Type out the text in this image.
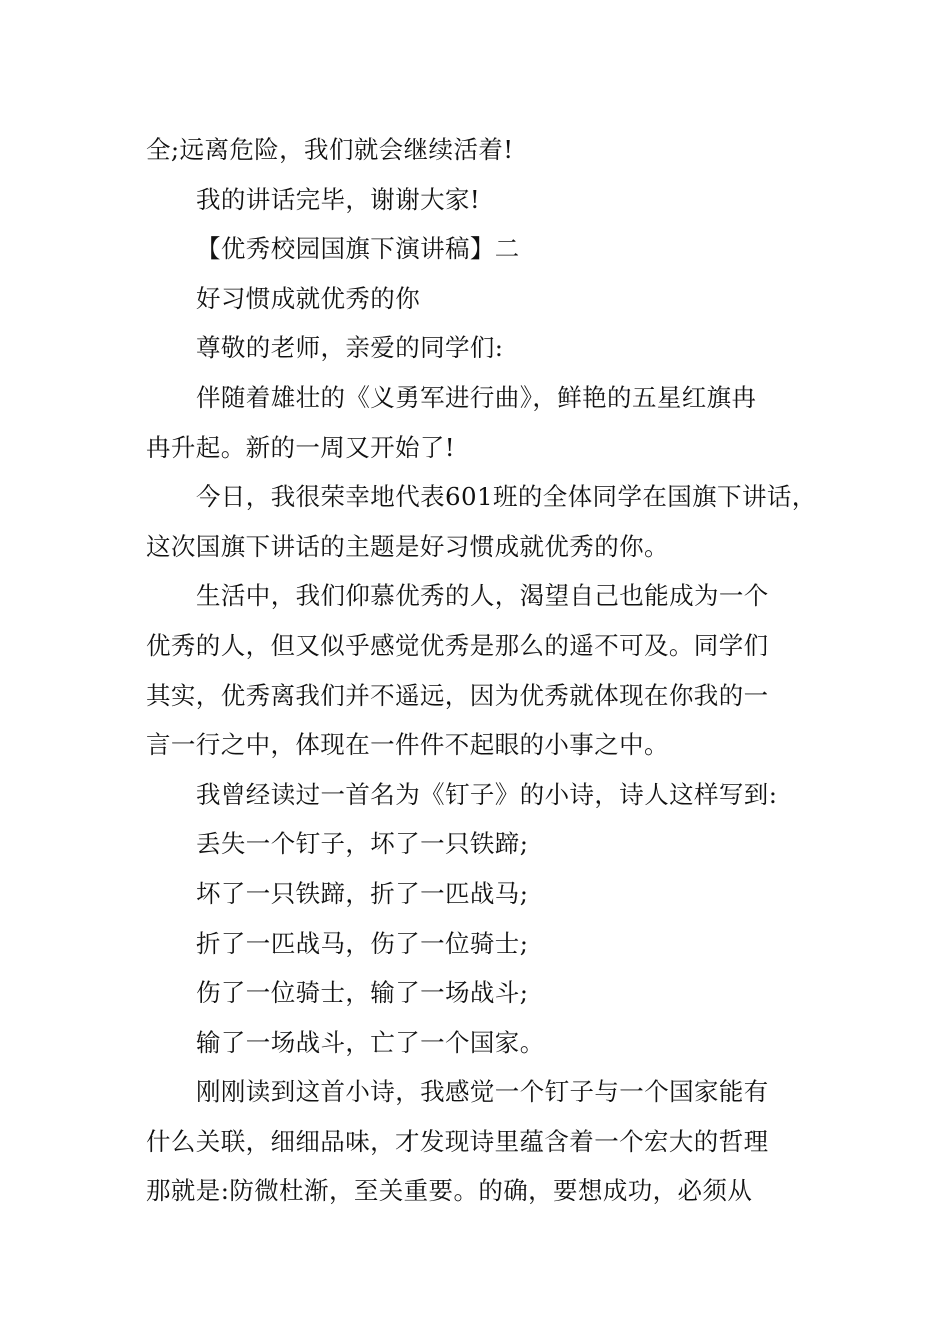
全;远离危险，我们就会继续活着!
我的讲话完毕，谢谢大家!
【优秀校园国旗下演讲稿】二
好习惯成就优秀的你
尊敬的老师，亲爱的同学们:
伴随着雄壮的《义勇军进行曲》，鲜艳的五星红旗冉
冉升起。新的一周又开始了!
今日，我很荣幸地代表601班的全体同学在国旗下讲话，
这次国旗下讲话的主题是好习惯成就优秀的你。
生活中，我们仰慕优秀的人，渴望自己也能成为一个
优秀的人，但又似乎感觉优秀是那么的遥不可及。同学们
其实，优秀离我们并不遥远，因为优秀就体现在你我的一
言一行之中，体现在一件件不起眼的小事之中。
我曾经读过一首名为《钉子》的小诗，诗人这样写到:
丢失一个钉子，坏了一只铁蹄;
坏了一只铁蹄，折了一匹战马;
折了一匹战马，伤了一位骑士;
伤了一位骑士，输了一场战斗;
输了一场战斗，亡了一个国家。
刚刚读到这首小诗，我感觉一个钉子与一个国家能有
什么关联，细细品味，才发现诗里蕴含着一个宏大的哲理
那就是:防微杜渐，至关重要。的确，要想成功，必须从
